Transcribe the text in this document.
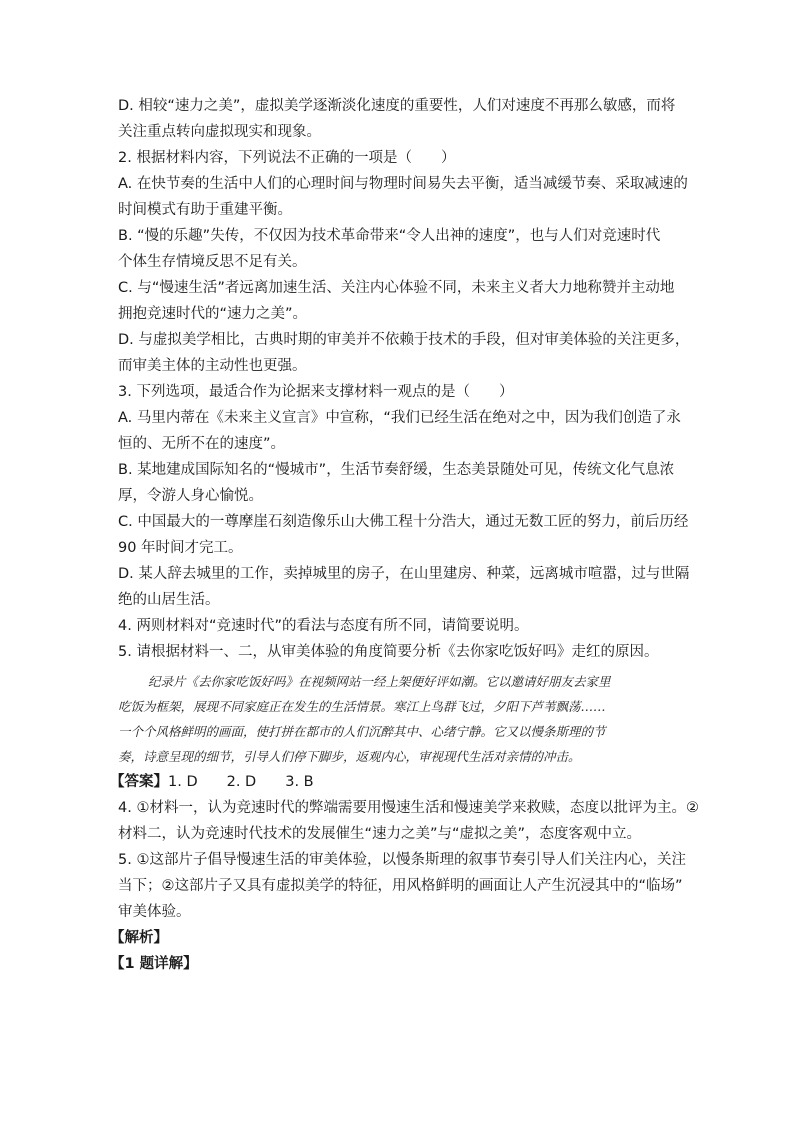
D. 相较“速力之美”，虚拟美学逐渐淡化速度的重要性，人们对速度不再那么敏感，而将
关注重点转向虚拟现实和现象。
2. 根据材料内容，下列说法不正确的一项是（　　）
A. 在快节奏的生活中人们的心理时间与物理时间易失去平衡，适当减缓节奏、采取减速的
时间模式有助于重建平衡。
B. “慢的乐趣”失传，不仅因为技术革命带来“令人出神的速度”，也与人们对竞速时代
个体生存情境反思不足有关。
C. 与“慢速生活”者远离加速生活、关注内心体验不同，未来主义者大力地称赞并主动地
拥抱竞速时代的“速力之美”。
D. 与虚拟美学相比，古典时期的审美并不依赖于技术的手段，但对审美体验的关注更多，
而审美主体的主动性也更强。
3. 下列选项，最适合作为论据来支撑材料一观点的是（　　）
A. 马里内蒂在《未来主义宣言》中宣称，“我们已经生活在绝对之中，因为我们创造了永
恒的、无所不在的速度”。
B. 某地建成国际知名的“慢城市”，生活节奏舒缓，生态美景随处可见，传统文化气息浓
厚，令游人身心愉悦。
C. 中国最大的一尊摩崖石刻造像乐山大佛工程十分浩大，通过无数工匠的努力，前后历经
90 年时间才完工。
D. 某人辞去城里的工作，卖掉城里的房子，在山里建房、种菜，远离城市喧嚣，过与世隔
绝的山居生活。
4. 两则材料对“竞速时代”的看法与态度有所不同，请简要说明。
5. 请根据材料一、二，从审美体验的角度简要分析《去你家吃饭好吗》走红的原因。
纪录片《去你家吃饭好吗》在视频网站一经上架便好评如潮。它以邀请好朋友去家里
吃饭为框架，展现不同家庭正在发生的生活情景。寒江上鸟群飞过，夕阳下芦苇飘荡……
一个个风格鲜明的画面，使打拼在都市的人们沉醉其中、心绪宁静。它又以慢条斯理的节
奏，诗意呈现的细节，引导人们停下脚步，返观内心，审视现代生活对亲情的冲击。
【答案】1. D　　2. D　　3. B
4. ①材料一，认为竞速时代的弊端需要用慢速生活和慢速美学来救赎，态度以批评为主。②
材料二，认为竞速时代技术的发展催生“速力之美”与“虚拟之美”，态度客观中立。
5. ①这部片子倡导慢速生活的审美体验，以慢条斯理的叙事节奏引导人们关注内心，关注
当下；②这部片子又具有虚拟美学的特征，用风格鲜明的画面让人产生沉浸其中的“临场”
审美体验。
【解析】
【1 题详解】
